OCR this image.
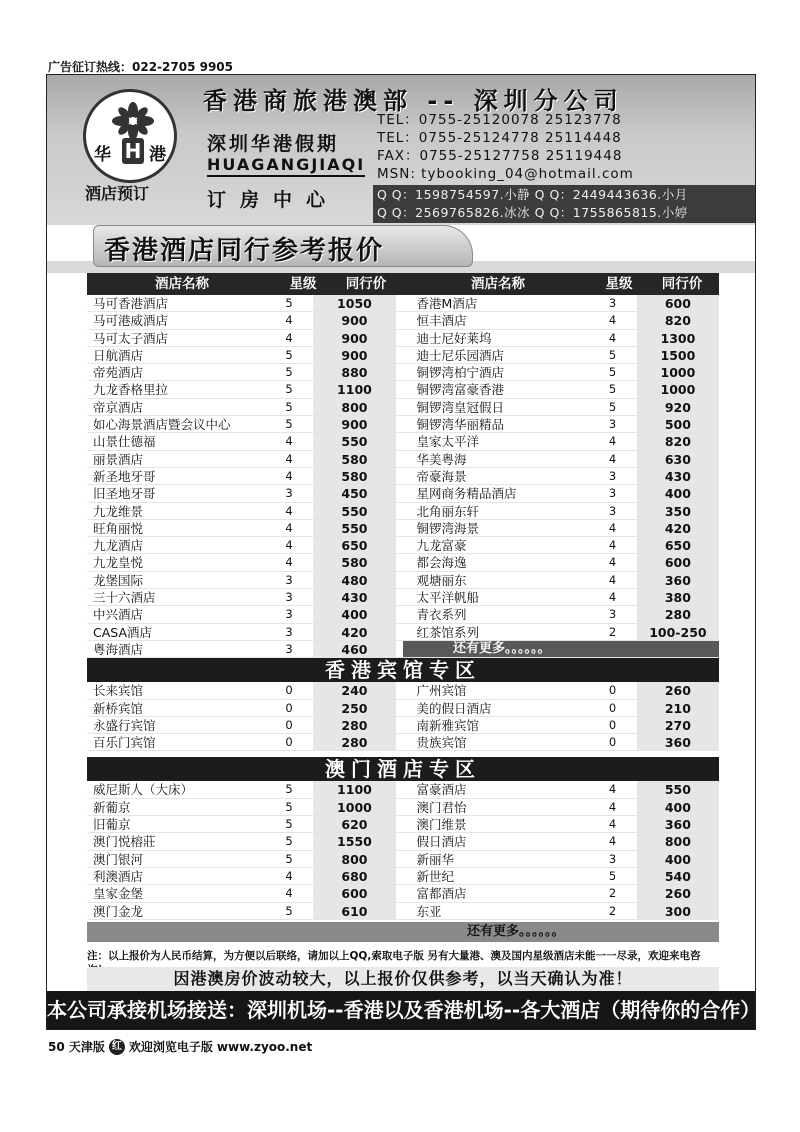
广告征订热线：022-2705 9905
华 H 港
酒店预订
香港商旅港澳部 -- 深圳分公司
深圳华港假期
HUAGANGJIAQI
订房中心
TEL：0755-25120078 25123778
TEL：0755-25124778 25114448
FAX：0755-25127758 25119448
MSN: tybooking_04@hotmail.com
Q Q：1598754597.小静 Q Q：2449443636.小月
Q Q：2569765826.冰冰 Q Q：1755865815.小婷
香港酒店同行参考报价
酒店名称	星级	同行价	酒店名称	星级	同行价
马可香港酒店	5	1050	香港M酒店	3	600
马可港威酒店	4	900	恒丰酒店	4	820
马可太子酒店	4	900	迪士尼好莱坞	4	1300
日航酒店	5	900	迪士尼乐园酒店	5	1500
帝苑酒店	5	880	铜锣湾柏宁酒店	5	1000
九龙香格里拉	5	1100	铜锣湾富豪香港	5	1000
帝京酒店	5	800	铜锣湾皇冠假日	5	920
如心海景酒店暨会议中心	5	900	铜锣湾华丽精品	3	500
山景仕德福	4	550	皇家太平洋	4	820
丽景酒店	4	580	华美粤海	4	630
新圣地牙哥	4	580	帝豪海景	3	430
旧圣地牙哥	3	450	星网商务精品酒店	3	400
九龙维景	4	550	北角丽东轩	3	350
旺角丽悦	4	550	铜锣湾海景	4	420
九龙酒店	4	650	九龙富豪	4	650
九龙皇悦	4	580	都会海逸	4	600
龙堡国际	3	480	观塘丽东	4	360
三十六酒店	3	430	太平洋帆船	4	380
中兴酒店	3	400	青衣系列	3	280
CASA酒店	3	420	红茶馆系列	2	100-250
粤海酒店	3	460	还有更多。。。。。。
香港宾馆专区
长来宾馆	0	240	广州宾馆	0	260
新桥宾馆	0	250	美的假日酒店	0	210
永盛行宾馆	0	280	南新雅宾馆	0	270
百乐门宾馆	0	280	贵族宾馆	0	360
澳门酒店专区
威尼斯人（大床）	5	1100	富豪酒店	4	550
新葡京	5	1000	澳门君怡	4	400
旧葡京	5	620	澳门维景	4	360
澳门悦榕莊	5	1550	假日酒店	4	800
澳门银河	5	800	新丽华	3	400
利澳酒店	4	680	新世纪	5	540
皇家金堡	4	600	富都酒店	2	260
澳门金龙	5	610	东亚	2	300
还有更多。。。。。。
注：以上报价为人民币结算，为方便以后联络，请加以上QQ,索取电子版 另有大量港、澳及国内星级酒店未能一一尽录，欢迎来电咨
因港澳房价波动较大，以上报价仅供参考，以当天确认为准！
本公司承接机场接送：深圳机场--香港以及香港机场--各大酒店（期待你的合作）
50 天津版 红 欢迎浏览电子版 www.zyoo.net
